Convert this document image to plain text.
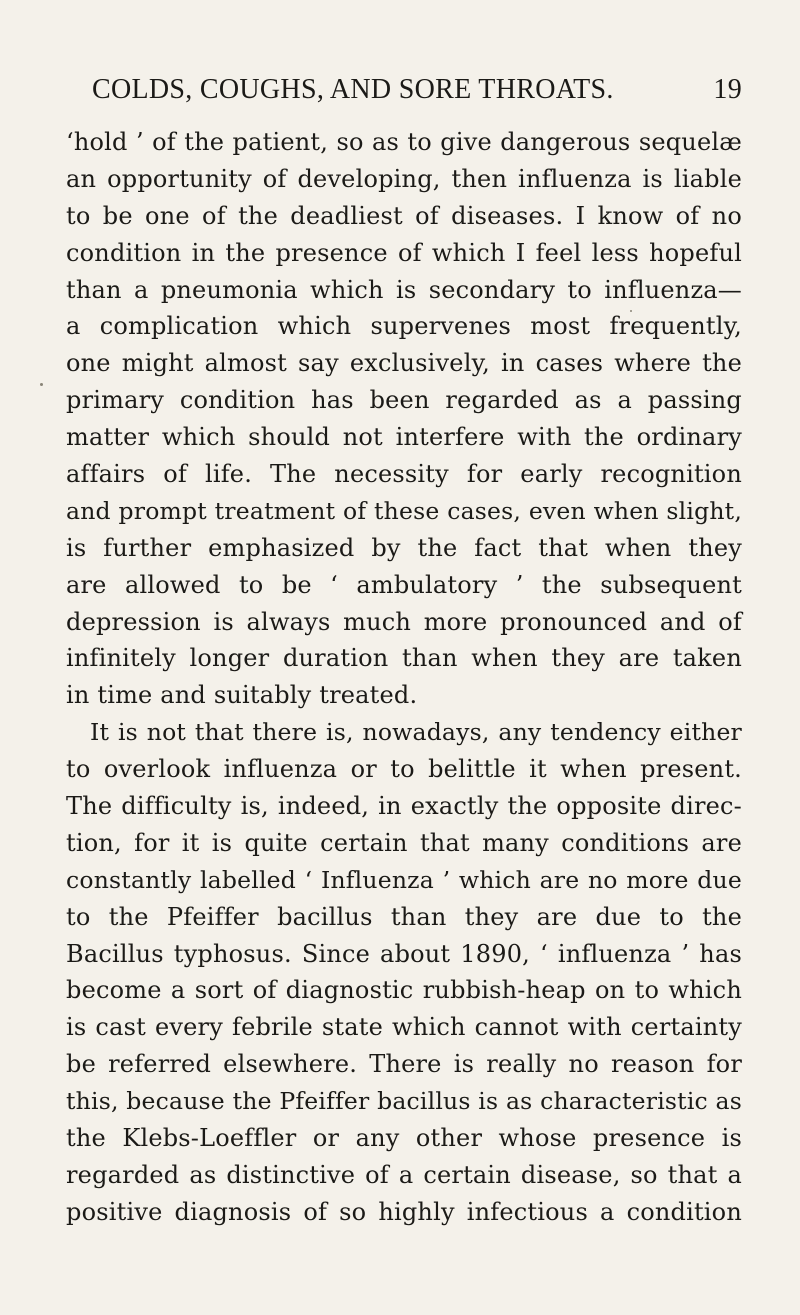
COLDS, COUGHS, AND SORE THROATS.	19
‘hold ’ of the patient, so as to give dangerous sequelæ
an opportunity of developing, then influenza is liable
to be one of the deadliest of diseases. I know of no
condition in the presence of which I feel less hopeful
than a pneumonia which is secondary to influenza—
a complication which supervenes most frequently,
one might almost say exclusively, in cases where the
primary condition has been regarded as a passing
matter which should not interfere with the ordinary
affairs of life. The necessity for early recognition
and prompt treatment of these cases, even when slight,
is further emphasized by the fact that when they
are allowed to be ‘ ambulatory ’ the subsequent
depression is always much more pronounced and of
infinitely longer duration than when they are taken
in time and suitably treated.
It is not that there is, nowadays, any tendency either
to overlook influenza or to belittle it when present.
The difficulty is, indeed, in exactly the opposite direc-
tion, for it is quite certain that many conditions are
constantly labelled ‘ Influenza ’ which are no more due
to the Pfeiffer bacillus than they are due to the
Bacillus typhosus. Since about 1890, ‘ influenza ’ has
become a sort of diagnostic rubbish-heap on to which
is cast every febrile state which cannot with certainty
be referred elsewhere. There is really no reason for
this, because the Pfeiffer bacillus is as characteristic as
the Klebs-Loeffler or any other whose presence is
regarded as distinctive of a certain disease, so that a
positive diagnosis of so highly infectious a condition
